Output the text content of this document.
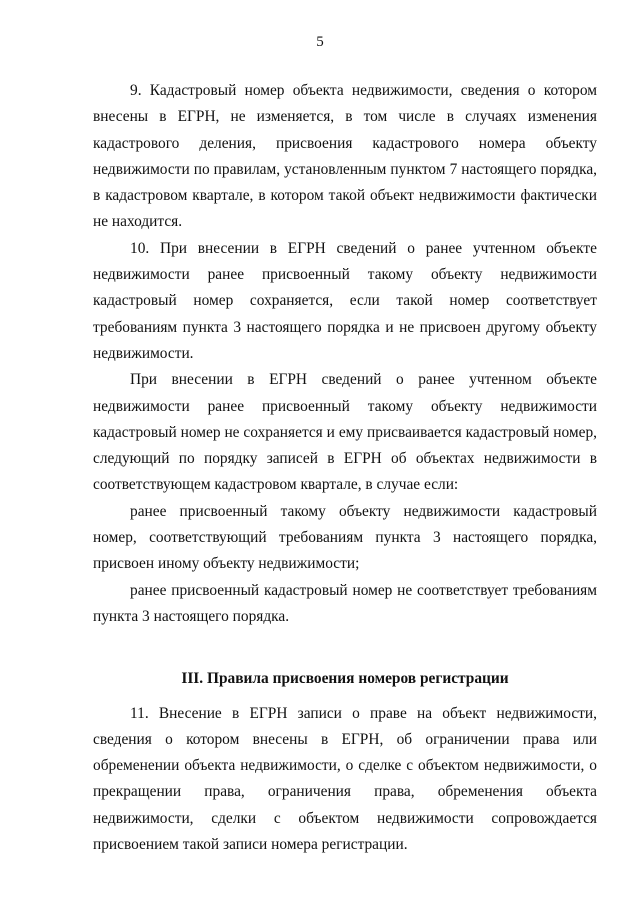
5

9. Кадастровый номер объекта недвижимости, сведения о котором внесены в ЕГРН, не изменяется, в том числе в случаях изменения кадастрового деления, присвоения кадастрового номера объекту недвижимости по правилам, установленным пунктом 7 настоящего порядка, в кадастровом квартале, в котором такой объект недвижимости фактически не находится.

10. При внесении в ЕГРН сведений о ранее учтенном объекте недвижимости ранее присвоенный такому объекту недвижимости кадастровый номер сохраняется, если такой номер соответствует требованиям пункта 3 настоящего порядка и не присвоен другому объекту недвижимости.

При внесении в ЕГРН сведений о ранее учтенном объекте недвижимости ранее присвоенный такому объекту недвижимости кадастровый номер не сохраняется и ему присваивается кадастровый номер, следующий по порядку записей в ЕГРН об объектах недвижимости в соответствующем кадастровом квартале, в случае если:

ранее присвоенный такому объекту недвижимости кадастровый номер, соответствующий требованиям пункта 3 настоящего порядка, присвоен иному объекту недвижимости;

ранее присвоенный кадастровый номер не соответствует требованиям пункта 3 настоящего порядка.

III. Правила присвоения номеров регистрации

11. Внесение в ЕГРН записи о праве на объект недвижимости, сведения о котором внесены в ЕГРН, об ограничении права или обременении объекта недвижимости, о сделке с объектом недвижимости, о прекращении права, ограничения права, обременения объекта недвижимости, сделки с объектом недвижимости сопровождается присвоением такой записи номера регистрации.
